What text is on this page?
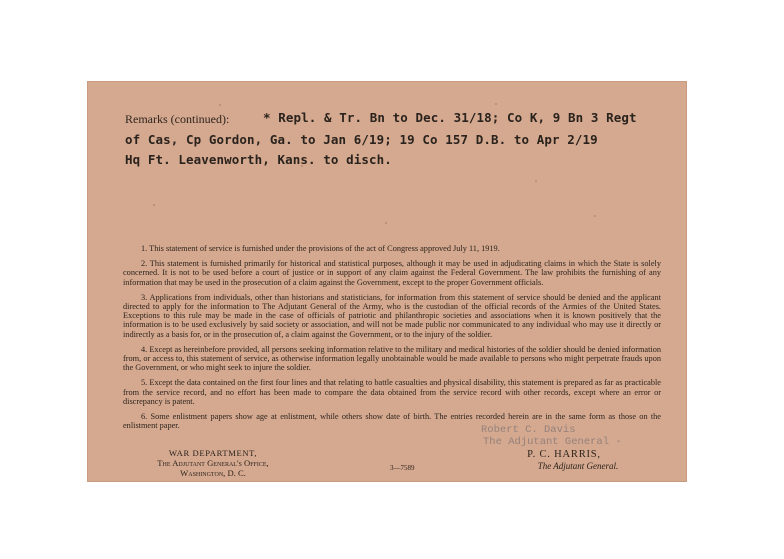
Remarks (continued):	* Repl. & Tr. Bn to Dec. 31/18; Co K, 9 Bn 3 Regt
of Cas, Cp Gordon, Ga. to Jan 6/19; 19 Co 157 D.B. to Apr 2/19
Hq Ft. Leavenworth, Kans. to disch.

1. This statement of service is furnished under the provisions of the act of Congress approved July 11, 1919.

2. This statement is furnished primarily for historical and statistical purposes, although it may be used in adjudicating claims in which the State is solely concerned. It is not to be used before a court of justice or in support of any claim against the Federal Government. The law prohibits the furnishing of any information that may be used in the prosecution of a claim against the Government, except to the proper Government officials.

3. Applications from individuals, other than historians and statisticians, for information from this statement of service should be denied and the applicant directed to apply for the information to The Adjutant General of the Army, who is the custodian of the official records of the Armies of the United States. Exceptions to this rule may be made in the case of officials of patriotic and philanthropic societies and associations when it is known positively that the information is to be used exclusively by said society or association, and will not be made public nor communicated to any individual who may use it directly or indirectly as a basis for, or in the prosecution of, a claim against the Government, or to the injury of the soldier.

4. Except as hereinbefore provided, all persons seeking information relative to the military and medical histories of the soldier should be denied information from, or access to, this statement of service, as otherwise information legally unobtainable would be made available to persons who might perpetrate frauds upon the Government, or who might seek to injure the soldier.

5. Except the data contained on the first four lines and that relating to battle casualties and physical disability, this statement is prepared as far as practicable from the service record, and no effort has been made to compare the data obtained from the service record with other records, except where an error or discrepancy is patent.

6. Some enlistment papers show age at enlistment, while others show date of birth. The entries recorded herein are in the same form as those on the enlistment paper.

WAR DEPARTMENT,
The Adjutant General's Office,
Washington, D. C.	3—7589
Robert C. Davis
The Adjutant General -
P. C. HARRIS,
The Adjutant General.
